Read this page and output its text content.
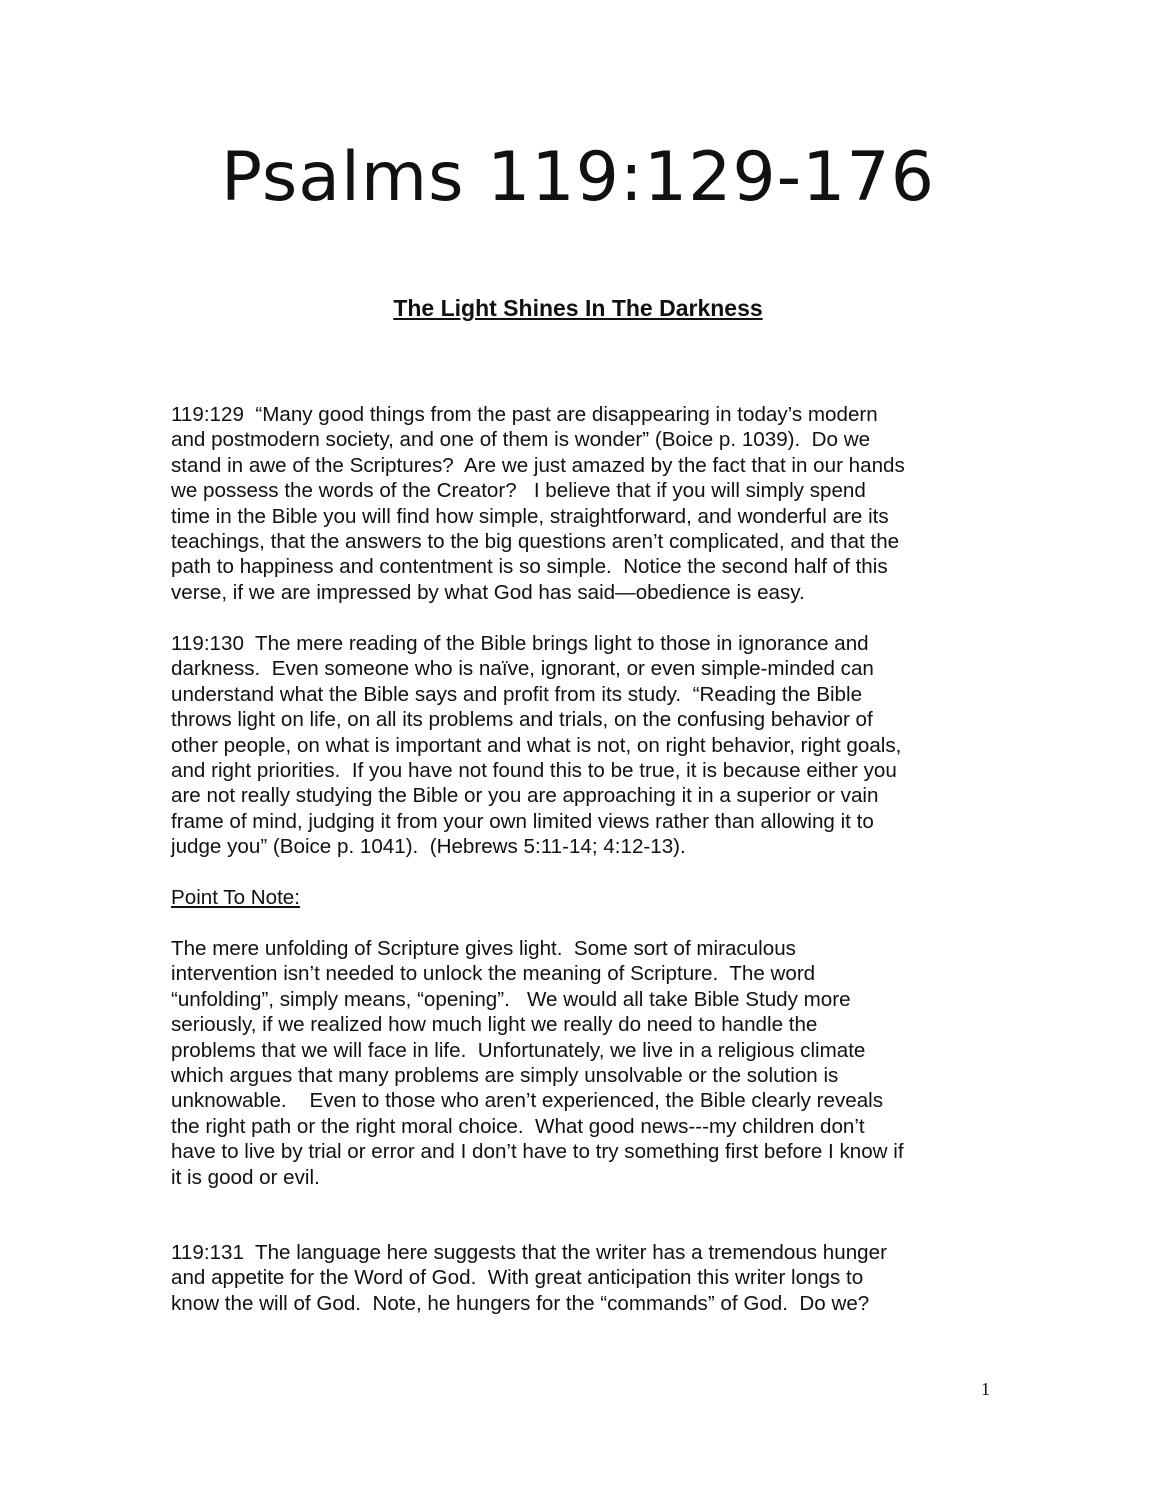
Psalms 119:129-176
The Light Shines In The Darkness

119:129  “Many good things from the past are disappearing in today’s modern
and postmodern society, and one of them is wonder” (Boice p. 1039).  Do we
stand in awe of the Scriptures?  Are we just amazed by the fact that in our hands
we possess the words of the Creator?   I believe that if you will simply spend
time in the Bible you will find how simple, straightforward, and wonderful are its
teachings, that the answers to the big questions aren’t complicated, and that the
path to happiness and contentment is so simple.  Notice the second half of this
verse, if we are impressed by what God has said—obedience is easy.

119:130  The mere reading of the Bible brings light to those in ignorance and
darkness.  Even someone who is naïve, ignorant, or even simple-minded can
understand what the Bible says and profit from its study.  “Reading the Bible
throws light on life, on all its problems and trials, on the confusing behavior of
other people, on what is important and what is not, on right behavior, right goals,
and right priorities.  If you have not found this to be true, it is because either you
are not really studying the Bible or you are approaching it in a superior or vain
frame of mind, judging it from your own limited views rather than allowing it to
judge you” (Boice p. 1041).  (Hebrews 5:11-14; 4:12-13).

Point To Note:

The mere unfolding of Scripture gives light.  Some sort of miraculous
intervention isn’t needed to unlock the meaning of Scripture.  The word
“unfolding”, simply means, “opening”.   We would all take Bible Study more
seriously, if we realized how much light we really do need to handle the
problems that we will face in life.  Unfortunately, we live in a religious climate
which argues that many problems are simply unsolvable or the solution is
unknowable.    Even to those who aren’t experienced, the Bible clearly reveals
the right path or the right moral choice.  What good news---my children don’t
have to live by trial or error and I don’t have to try something first before I know if
it is good or evil.

119:131  The language here suggests that the writer has a tremendous hunger
and appetite for the Word of God.  With great anticipation this writer longs to
know the will of God.  Note, he hungers for the “commands” of God.  Do we?

1
